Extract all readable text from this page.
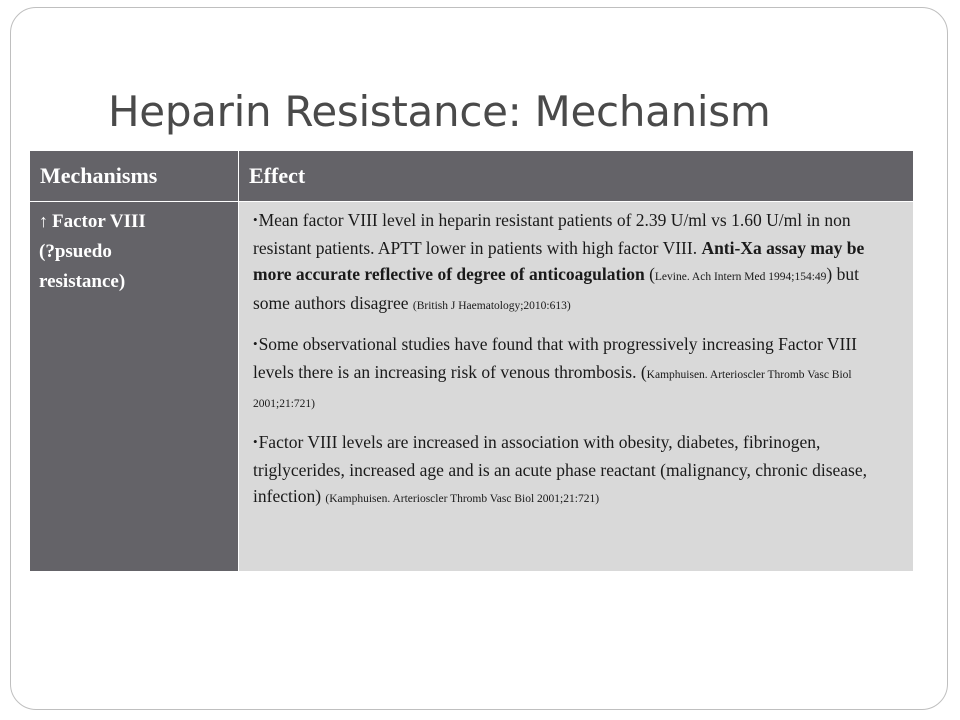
Heparin Resistance: Mechanism
Mechanisms	Effect
↑ Factor VIII
(?psuedo
resistance)
•Mean factor VIII level in heparin resistant patients of 2.39 U/ml vs 1.60 U/ml in non resistant patients. APTT lower in patients with high factor VIII. Anti-Xa assay may be more accurate reflective of degree of anticoagulation (Levine. Ach Intern Med 1994;154:49) but some authors disagree (British J Haematology;2010:613)
•Some observational studies have found that with progressively increasing Factor VIII levels there is an increasing risk of venous thrombosis. (Kamphuisen. Arterioscler Thromb Vasc Biol 2001;21:721)
•Factor VIII levels are increased in association with obesity, diabetes, fibrinogen, triglycerides, increased age and is an acute phase reactant (malignancy, chronic disease, infection) (Kamphuisen. Arterioscler Thromb Vasc Biol 2001;21:721)
